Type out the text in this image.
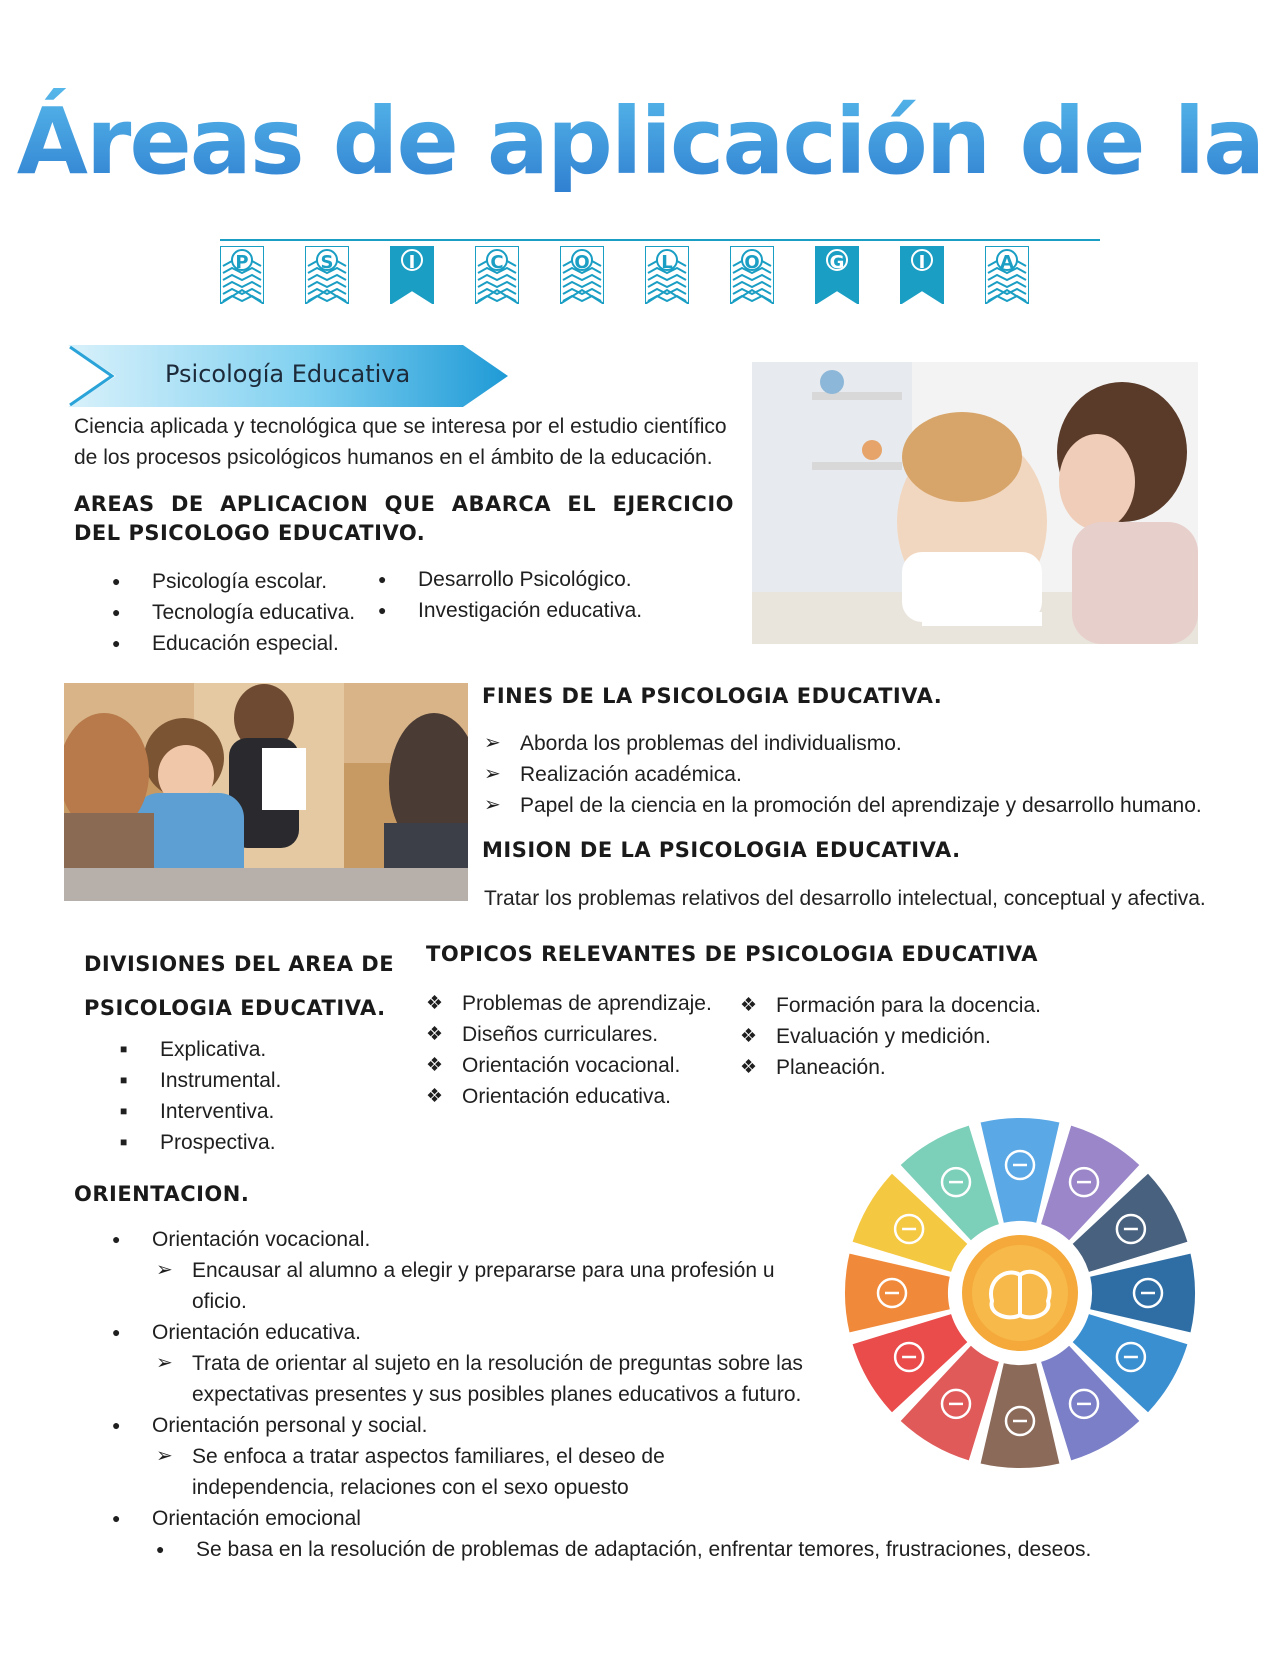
Áreas de aplicación de la
P	S	I	C	O	L	O	G	I	A
Psicología Educativa
Ciencia aplicada y tecnológica que se interesa por el estudio científico de los procesos psicológicos humanos en el ámbito de la educación.
AREAS DE APLICACION QUE ABARCA EL EJERCICIO DEL PSICOLOGO EDUCATIVO.
● Psicología escolar.
● Tecnología educativa.
● Educación especial.
● Desarrollo Psicológico.
● Investigación educativa.
FINES DE LA PSICOLOGIA EDUCATIVA.
➢ Aborda los problemas del individualismo.
➢ Realización académica.
➢ Papel de la ciencia en la promoción del aprendizaje y desarrollo humano.
MISION DE LA PSICOLOGIA EDUCATIVA.
Tratar los problemas relativos del desarrollo intelectual, conceptual y afectiva.
DIVISIONES DEL AREA DE
PSICOLOGIA EDUCATIVA.
■ Explicativa.
■ Instrumental.
■ Interventiva.
■ Prospectiva.
TOPICOS RELEVANTES DE PSICOLOGIA EDUCATIVA
❖ Problemas de aprendizaje.
❖ Diseños curriculares.
❖ Orientación vocacional.
❖ Orientación educativa.
❖ Formación para la docencia.
❖ Evaluación y medición.
❖ Planeación.
ORIENTACION.
● Orientación vocacional.
➢ Encausar al alumno a elegir y prepararse para una profesión u oficio.
● Orientación educativa.
➢ Trata de orientar al sujeto en la resolución de preguntas sobre las expectativas presentes y sus posibles planes educativos a futuro.
● Orientación personal y social.
➢ Se enfoca a tratar aspectos familiares, el deseo de independencia, relaciones con el sexo opuesto
● Orientación emocional
● Se basa en la resolución de problemas de adaptación, enfrentar temores, frustraciones, deseos.
